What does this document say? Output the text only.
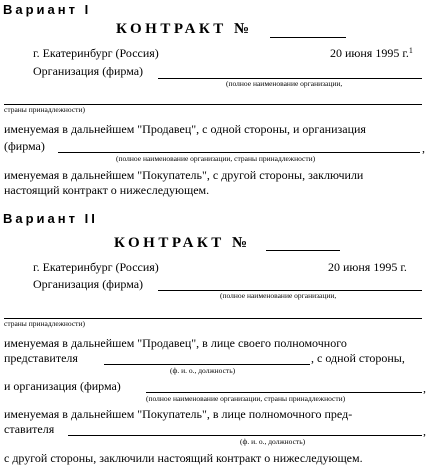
Вариант I
КОНТРАКТ №
г. Екатеринбург (Россия)	20 июня 1995 г.$^1$
Организация (фирма)
(полное наименование организации,
страны принадлежности)
именуемая в дальнейшем "Продавец", с одной стороны, и организация
(фирма)	,
(полное наименование организации, страны принадлежности)
именуемая в дальнейшем "Покупатель", с другой стороны, заключили
настоящий контракт о нижеследующем.
Вариант II
КОНТРАКТ №
г. Екатеринбург (Россия)	20 июня 1995 г.
Организация (фирма)
(полное наименование организации,
страны принадлежности)
именуемая в дальнейшем "Продавец", в лице своего полномочного
представителя	, с одной стороны,
(ф. и. о., должность)
и организация (фирма)	,
(полное наименование организации, страны принадлежности)
именуемая в дальнейшем "Покупатель", в лице полномочного пред-
ставителя	,
(ф. и. о., должность)
с другой стороны, заключили настоящий контракт о нижеследующем.
